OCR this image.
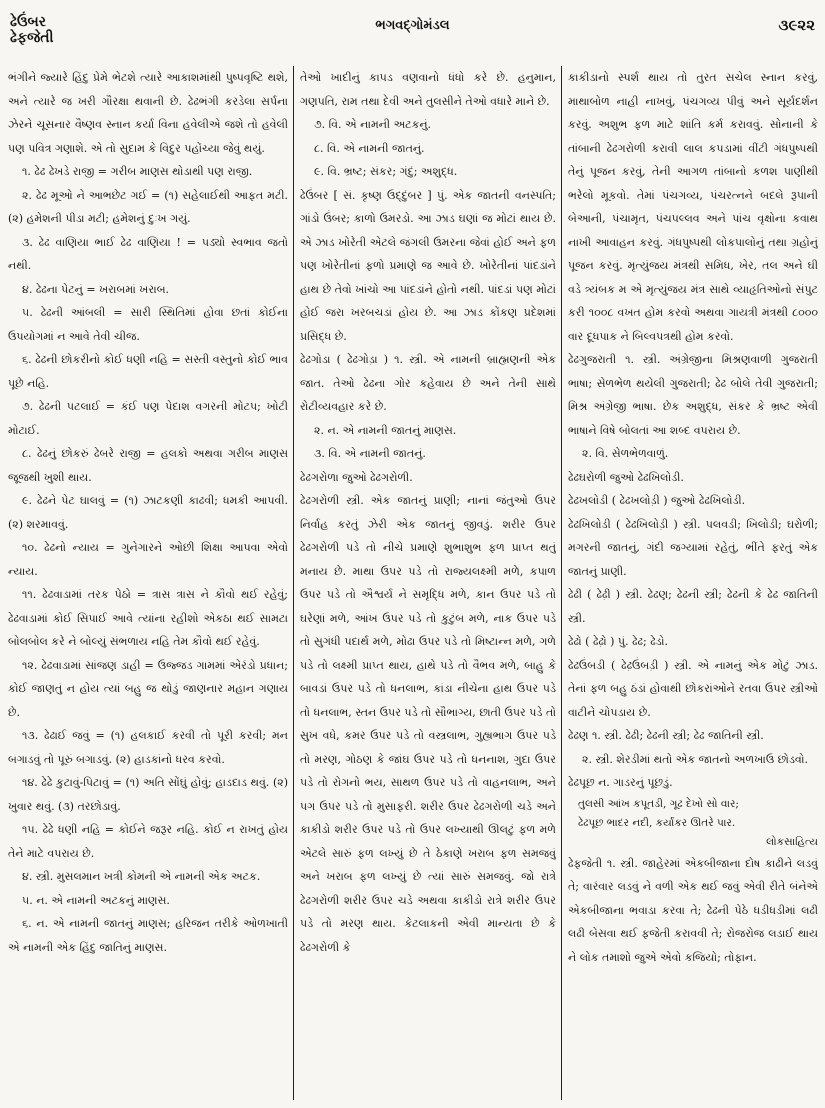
ઢેઉંબર
ઢેફજેતી
ભગવદ્ગોમંડલ	૩૯૨૨

ભંગીને જ્યારે હિંદુ પ્રેમે ભેટશે ત્યારે આકાશમાંથી પુષ્પવૃષ્ટિ થશે, અને ત્યારે જ ખરી ગૌરક્ષા થવાની છે. ઢેઢભંગી કરડેલા સર્પના ઝેરને ચૂસનાર વૈષ્ણવ સ્નાન કર્યા વિના હવેલીએ જશે તો હવેલી પણ પવિત્ર ગણાશે. એ તો સુદામ કે વિદુર પહોંચ્યા જેવું થયું.

૧. ઢેઢ ઢેખડે રાજી = ગરીબ માણસ થોડાથી પણ રાજી.

૨. ઢેઢ મૂઓ ને આભછેટ ગઈ = (૧) સહેલાઈથી આફત મટી. (૨) હમેશની પીડા મટી; હમેશનું દુઃખ ગયું.

૩. ઢેઢ વાણિયા ભાઈ ઢેઢ વાણિયા ! = પડ્યો સ્વભાવ જતો નથી.

૪. ઢેઢના પેટનું = ખરાબમાં ખરાબ.

૫. ઢેઢની આંબલી = સારી સ્થિતિમાં હોવા છતાં કોઈના ઉપયોગમાં ન આવે તેવી ચીજ.

૬. ઢેઢની છોકરીનો કોઈ ધણી નહિ = સસ્તી વસ્તુનો કોઈ ભાવ પૂછે નહિ.

૭. ઢેઢની પટલાઈ = કંઈ પણ પેદાશ વગરની મોટપ; ખોટી મોટાઈ.

૮. ઢેઢનું છોકરું ઢેબરે રાજી = હલકો અથવા ગરીબ માણસ જૂજથી ખુશી થાય.

૯. ઢેઢને પેટ ઘાલવું = (૧) ઝાટકણી કાઢવી; ધમકી આપવી. (૨) શરમાવવું.

૧૦. ઢેઢનો ન્યાય = ગુનેગારને ઓછી શિક્ષા આપવા એવો ન્યાય.

૧૧. ઢેઢવાડામાં તરક પેઠો = ત્રાસ ત્રાસ ને કૌવો થઈ રહેવું; ઢેઢવાડામાં કોઈ સિપાઈ આવે ત્યાંના રહીશો એકઠા થઈ સામટા બોલબોલ કરે ને બોલ્યું સંભળાય નહિ તેમ કૌવો થઈ રહેવું.

૧૨. ઢેઢવાડામાં સાંજણ ડાહી = ઉજ્જડ ગામમાં એરંડો પ્રધાન; કોઈ જાણતું ન હોય ત્યાં બહુ જ થોડું જાણનાર મહાન ગણાય છે.

૧૩. ઢેઢાઈ જવું = (૧) હલકાઈ કરવી તો પૂરી કરવી; મન બગાડવું તો પૂરું બગાડવું. (૨) હાડકાંનો ધરવ કરવો.

૧૪. ઢેઢે કુટાવું-પિટાવું = (૧) અતિ સોંઘું હોવું; હાડદાડ થવું. (૨) ખુવાર થવું. (૩) તરછોડાવું.

૧૫. ઢેઢે ધણી નહિ = કોઈને જરૂર નહિ. કોઈ ન રાખતું હોય તેને માટે વપરાય છે.

૪. સ્ત્રી. મુસલમાન ખત્રી કોમની એ નામની એક અટક.

૫. ન. એ નામની અટકનું માણસ.

૬. ન. એ નામની જાતનું માણસ; હરિજન તરીકે ઓળખાતી એ નામની એક હિંદુ જાતિનું માણસ.

તેઓ ખાદીનું કાપડ વણવાનો ધંધો કરે છે. હનુમાન, ગણપતિ, રામ તથા દેવી અને તુલસીને તેઓ વધારે માને છે.

૭. વિ. એ નામની અટકનું.

૮. વિ. એ નામની જાતનું.

૯. વિ. ભ્રષ્ટ; સંકર; ગંદું; અશુદ્ધ.

ઢેઉંબર [ સં. કૃષ્ણ ઉદ્દુંબર ] પું. એક જાતની વનસ્પતિ; ગાંડો ઉંબર; કાળો ઉમરડો. આ ઝાડ ઘણાં જ મોટાં થાય છે. એ ઝાડ ખોરેતી એટલે જંગલી ઉમરના જેવાં હોઈ અને ફળ પણ ખોરેતીનાં ફળો પ્રમાણે જ આવે છે. ખોરેતીનાં પાંદડાંને હાથ છે તેવો ખાંચો આ પાંદડાંને હોતો નથી. પાંદડાં પણ મોટાં હોઈ જરા ખરબચડાં હોય છે. આ ઝાડ કોંકણ પ્રદેશમાં પ્રસિદ્ધ છે.

ઢેઢગોડા ( ઢેઢગોડ઼ા ) ૧. સ્ત્રી. એ નામની બ્રાહ્મણની એક જાત. તેઓ ઢેઢના ગોર કહેવાય છે અને તેની સાથે રોટીવ્યવહાર કરે છે.

૨. ન. એ નામની જાતનું માણસ.

૩. વિ. એ નામની જાતનું.

ઢેઢગરોળા જુઓ ઢેઢગરોળી.

ઢેઢગરોળી સ્ત્રી. એક જાતનું પ્રાણી; નાનાં જંતુઓ ઉપર નિર્વાહ કરતું ઝેરી એક જાતનું જીવડું. શરીર ઉપર ઢેઢગરોળી પડે તો નીચે પ્રમાણે શુભાશુભ ફળ પ્રાપ્ત થતું મનાય છે. માથા ઉપર પડે તો રાજ્યલક્ષ્મી મળે, કપાળ ઉપર પડે તો ઐશ્વર્ય ને સમૃદ્ધિ મળે, કાન ઉપર પડે તો ઘરેણાં મળે, આંખ ઉપર પડે તો કુટુંબ મળે, નાક ઉપર પડે તો સુગંધી પદાર્થ મળે, મોઢા ઉપર પડે તો મિષ્ટાન્ન મળે, ગળે પડે તો લક્ષ્મી પ્રાપ્ત થાય, હાથે પડે તો વૈભવ મળે, બાહુ કે બાવડાં ઉપર પડે તો ધનલાભ, કાંડા નીચેના હાથ ઉપર પડે તો ધનલાભ, સ્તન ઉપર પડે તો સૌભાગ્ય, છાતી ઉપર પડે તો સુખ વધે, કમર ઉપર પડે તો વસ્ત્રલાભ, ગુહ્યભાગ ઉપર પડે તો મરણ, ગોઠણ કે જાંઘ ઉપર પડે તો ધનનાશ, ગુદા ઉપર પડે તો રોગનો ભય, સાથળ ઉપર પડે તો વાહનલાભ, અને પગ ઉપર પડે તો મુસાફરી. શરીર ઉપર ઢેઢગરોળી ચડે અને કાકીડો શરીર ઉપર પડે તો ઉપર લખ્યાથી ઊલટું ફળ મળે એટલે સારું ફળ લખ્યું છે તે ઠેકાણે ખરાબ ફળ સમજવું અને ખરાબ ફળ લખ્યું છે ત્યાં સારું સમજવું. જો રાત્રે ઢેઢગરોળી શરીર ઉપર ચડે અથવા કાકીડો રાત્રે શરીર ઉપર પડે તો મરણ થાય. કેટલાકની એવી માન્યતા છે કે ઢેઢગરોળી કે

કાકીડાનો સ્પર્શ થાય તો તુરત સચેલ સ્નાન કરવું, માથાબોળ નાહી નાખવું, પંચગવ્ય પીવું અને સૂર્યદર્શન કરવું. અશુભ ફળ માટે શાંતિ કર્મ કરાવવું. સોનાની કે તાંબાની ઢેઢગરોળી કરાવી લાલ કપડામાં વીંટી ગંધપુષ્પથી તેનું પૂજન કરવું, તેની આગળ તાંબાનો કળશ પાણીથી ભરેલો મૂકવો. તેમાં પંચગવ્ય, પંચરત્નને બદલે રૂપાની બેઆની, પંચામૃત, પંચપલ્લવ અને પાંચ વૃક્ષોના કવાથ નાખી આવાહન કરવું. ગંધપુષ્પથી લોકપાલોનું તથા ગ્રહોનું પૂજન કરવું. મૃત્યુંજય મંત્રથી સમિધ, ખેર, તલ અને ઘી વડે ત્ર્યંબક મ એ મૃત્યુંજય મંત્ર સાથે વ્યાહૃતિઓનો સંપુટ કરી ૧૦૦૮ વખત હોમ કરવો અથવા ગાયત્રી મંત્રથી ૮૦૦૦ વાર દૂધપાક ને બિલ્વપત્રથી હોમ કરવો.

ઢેઢગુજરાતી ૧. સ્ત્રી. અંગ્રેજીના મિશ્રણવાળી ગુજરાતી ભાષા; સેળભેળ થયેલી ગુજરાતી; ઢેઢ બોલે તેવી ગુજરાતી; મિશ્ર અંગ્રેજી ભાષા. છેક અશુદ્ધ, સંકર કે ભ્રષ્ટ એવી ભાષાને વિષે બોલતાં આ શબ્દ વપરાય છે.

૨. વિ. સેળભેળવાળું.

ઢેઢઘરોળી જુઓ ઢેઢખિલોડી.

ઢેઢખલોડી ( ઢેઢખલોડ઼ી ) જુઓ ઢેઢખિલોડી.

ઢેઢખિલોડી ( ઢેઢખિલોડ઼ી ) સ્ત્રી. પલવડી; ખિલોડી; ઘરોળી; મગરની જાતનું, ગંદી જગ્યામાં રહેતું, ભીંતે ફરતું એક જાતનું પ્રાણી.

ઢેઢી ( ઢેઢ઼ી ) સ્ત્રી. ઢેઢણ; ઢેઢની સ્ત્રી; ઢેઢની કે ઢેઢ જાતિની સ્ત્રી.

ઢેઢો ( ઢેઢ઼ો ) પું. ઢેઢ; ઢેડો.

ઢેઢઉંબડી ( ઢેઢ઼ઉંબડ઼ી ) સ્ત્રી. એ નામનું એક મોટું ઝાડ. તેનાં ફળ બહુ ઠંડાં હોવાથી છોકરાંઓને રતવા ઉપર સ્ત્રીઓ વાટીને ચોપડાય છે.

ઢેઢણ ૧. સ્ત્રી. ઢેઢી; ઢેઢની સ્ત્રી; ઢેઢ જાતિની સ્ત્રી.

૨. સ્ત્રી. શેરડીમાં થતો એક જાતનો અળખાઉ છોડવો.

ઢેઢપૂછ ન. ગાડરનું પૂછડું.

તુલસી આંખ કપૂતડી, ગૂઢ દેખો સો વાર;

ઢેઢપૂછ ભાદર નદી, કર્યાંકર ઊતરે પાર.

લોકસાહિત્ય

ઢેફજેતી ૧. સ્ત્રી. જાહેરમાં એકબીજાના દોષ કાઢીને લડવું તે; વારંવાર લડવું ને વળી એક થઈ જવું એવી રીતે બંનેએ એકબીજાના ભવાડા કરવા તે; ઢેઢની પેઠે ધડીધડીમાં લઢી લઢી બેસવા થઈ ફજેતી કરાવવી તે; રોજરોજ લડાઈ થાય ને લોક તમાશો જુએ એવો કજિયો; તોફાન.
